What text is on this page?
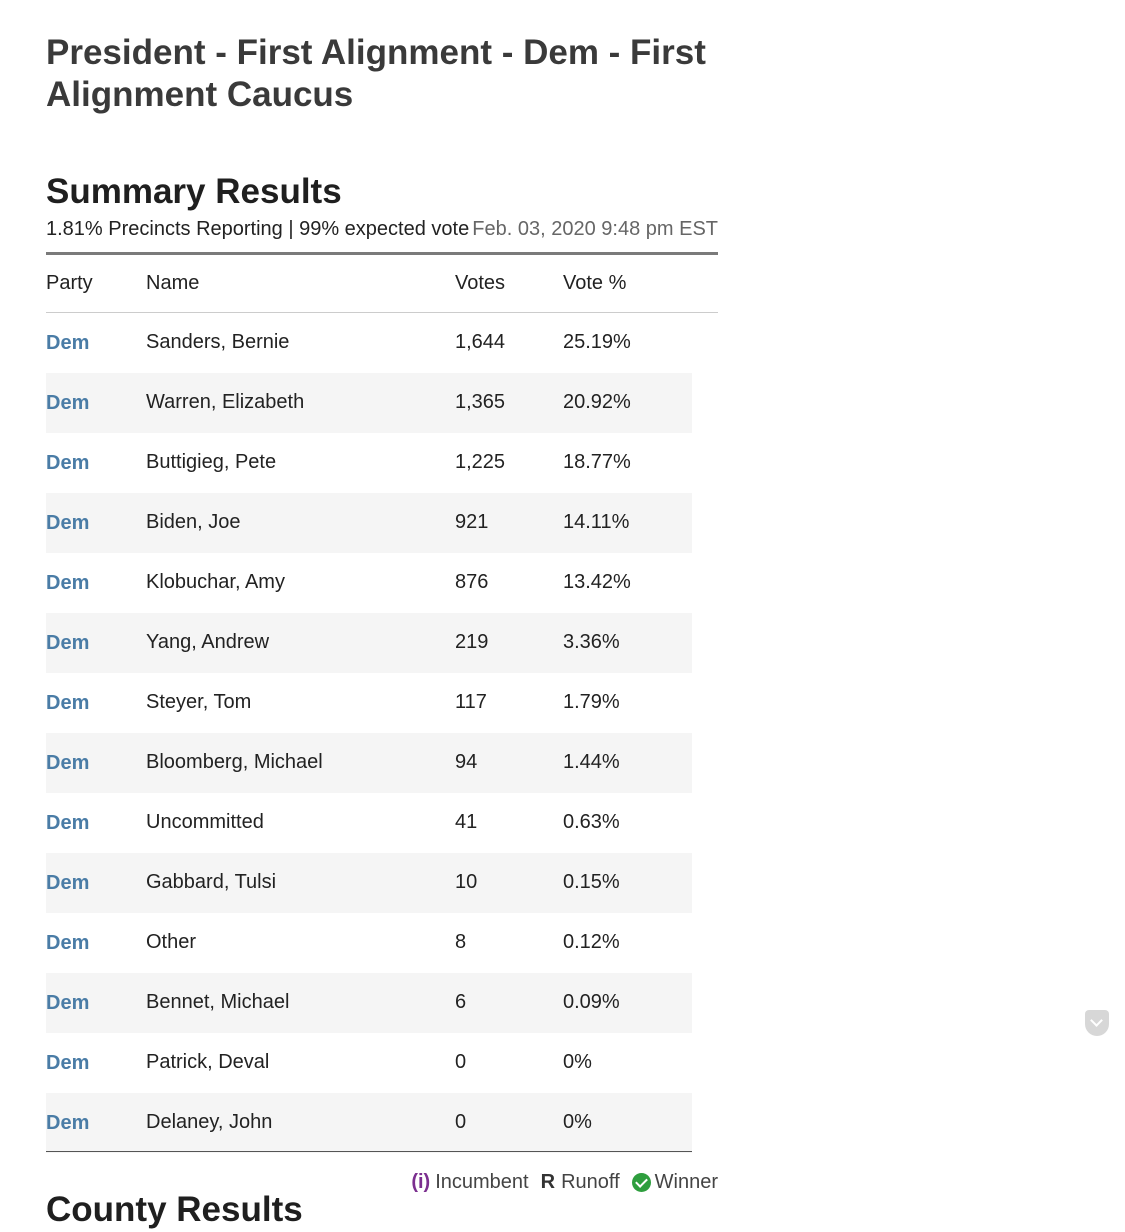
President - First Alignment - Dem - First Alignment Caucus
Summary Results
1.81% Precincts Reporting | 99% expected vote Feb. 03, 2020 9:48 pm EST
Party	Name	Votes	Vote %
Dem	Sanders, Bernie	1,644	25.19%
Dem	Warren, Elizabeth	1,365	20.92%
Dem	Buttigieg, Pete	1,225	18.77%
Dem	Biden, Joe	921	14.11%
Dem	Klobuchar, Amy	876	13.42%
Dem	Yang, Andrew	219	3.36%
Dem	Steyer, Tom	117	1.79%
Dem	Bloomberg, Michael	94	1.44%
Dem	Uncommitted	41	0.63%
Dem	Gabbard, Tulsi	10	0.15%
Dem	Other	8	0.12%
Dem	Bennet, Michael	6	0.09%
Dem	Patrick, Deval	0	0%
Dem	Delaney, John	0	0%
(i) Incumbent R Runoff Winner
County Results
